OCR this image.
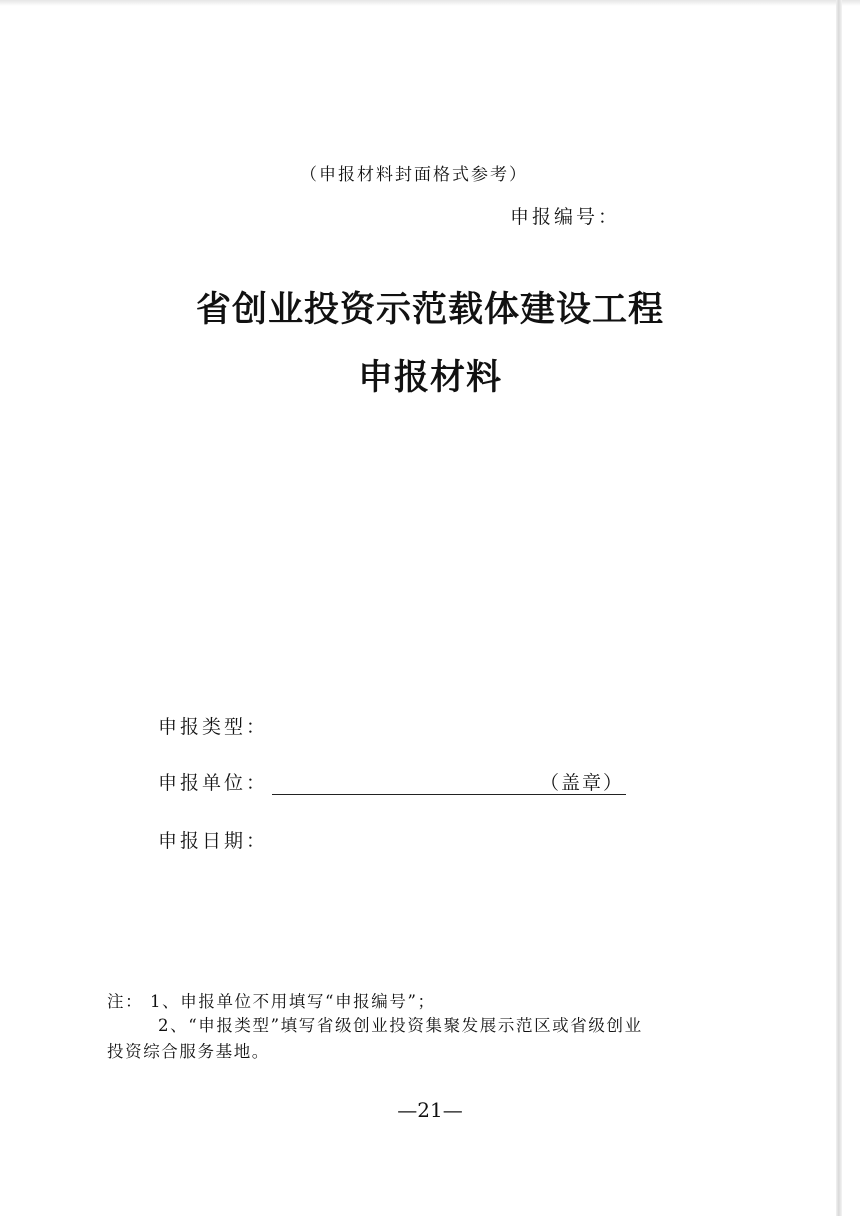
（申报材料封面格式参考）
申报编号：
省创业投资示范载体建设工程
申报材料
申报类型：
申报单位：	（盖章）
申报日期：
注： 1、申报单位不用填写“申报编号”；
2、“申报类型”填写省级创业投资集聚发展示范区或省级创业
投资综合服务基地。
—21—
